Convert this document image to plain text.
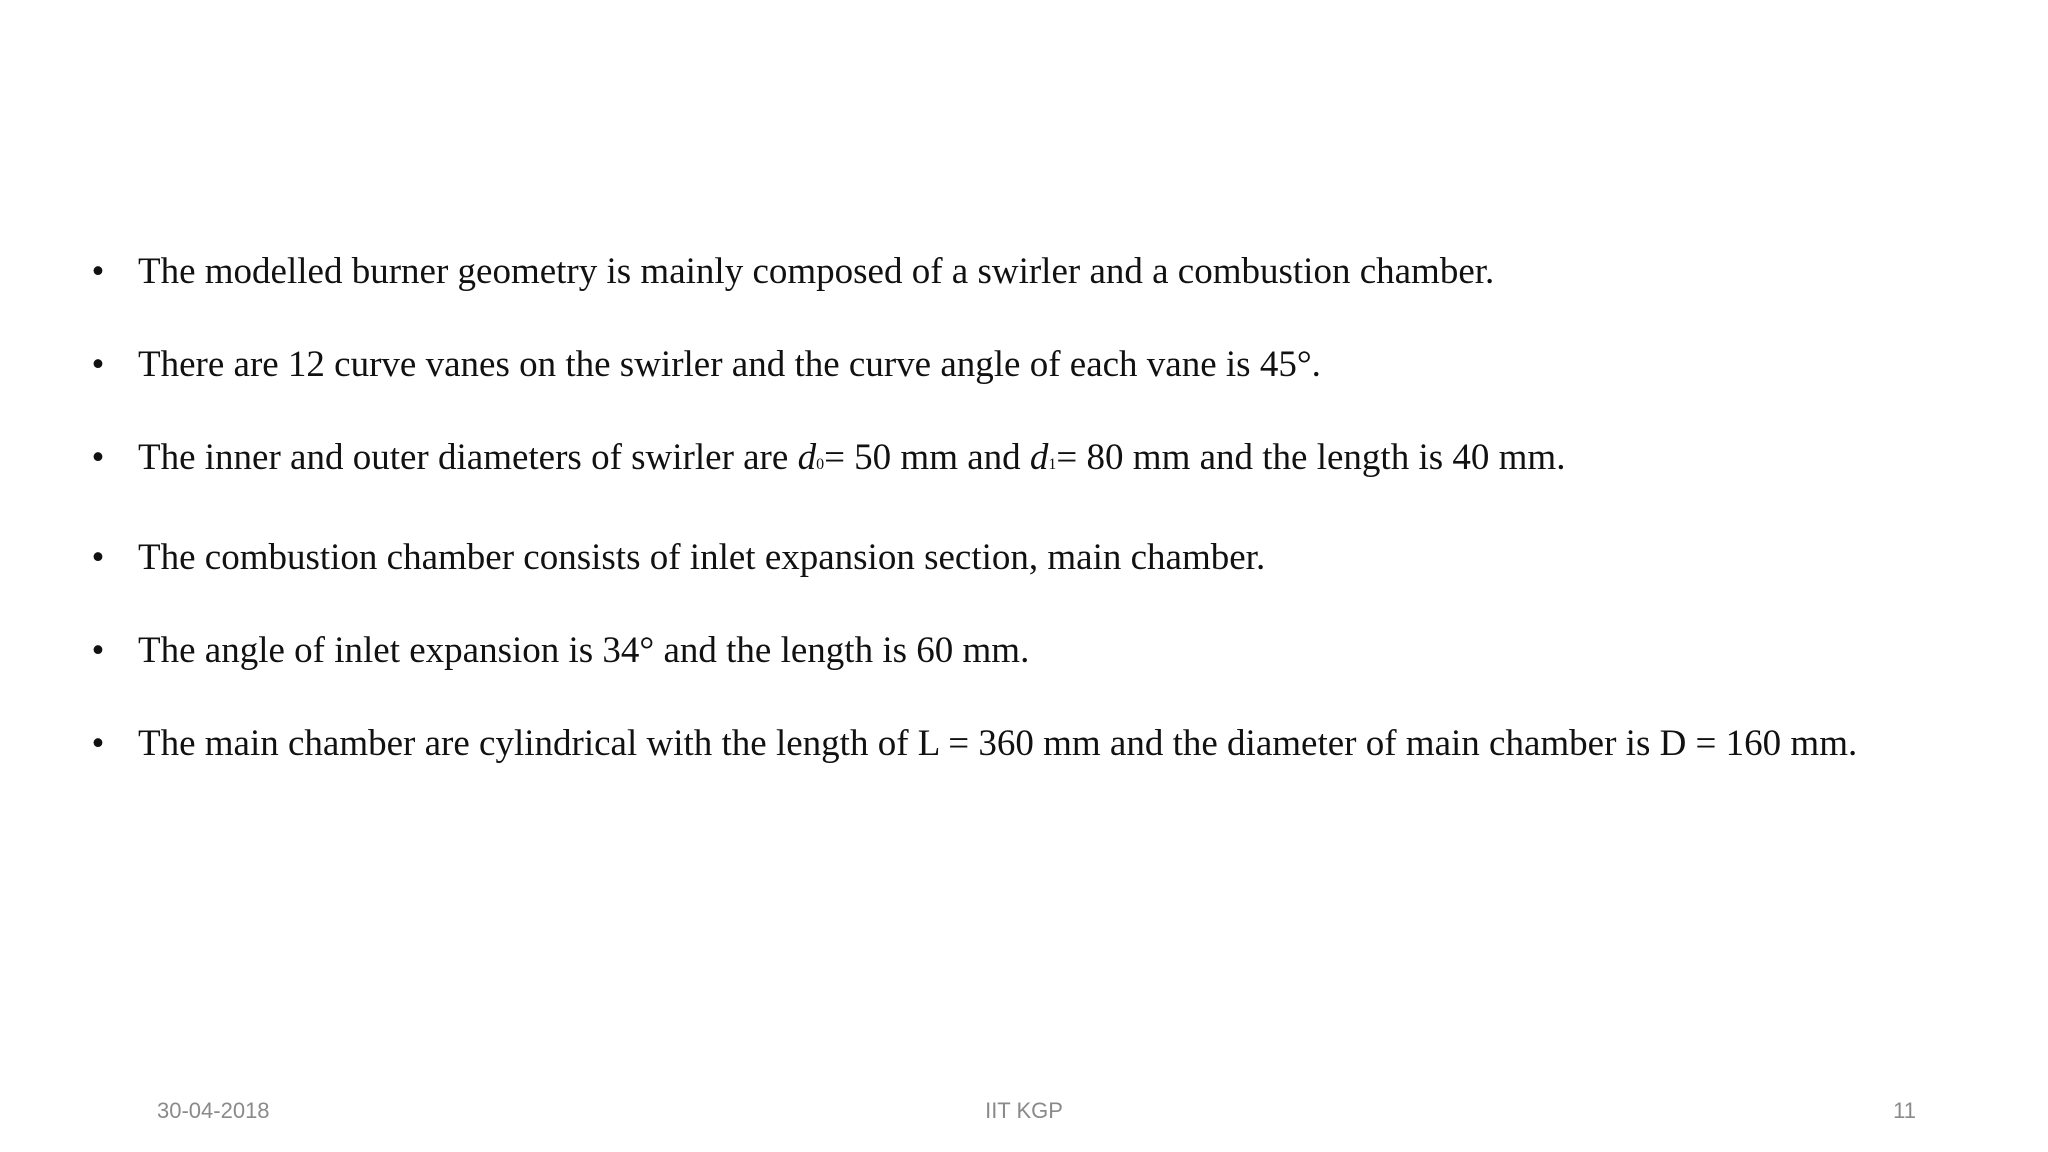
• The modelled burner geometry is mainly composed of a swirler and a combustion chamber.
• There are 12 curve vanes on the swirler and the curve angle of each vane is 45°.
• The inner and outer diameters of swirler are d0= 50 mm and d1= 80 mm and the length is 40 mm.
• The combustion chamber consists of inlet expansion section, main chamber.
• The angle of inlet expansion is 34° and the length is 60 mm.
• The main chamber are cylindrical with the length of L = 360 mm and the diameter of main chamber is D = 160 mm.
30-04-2018	IIT KGP	11
